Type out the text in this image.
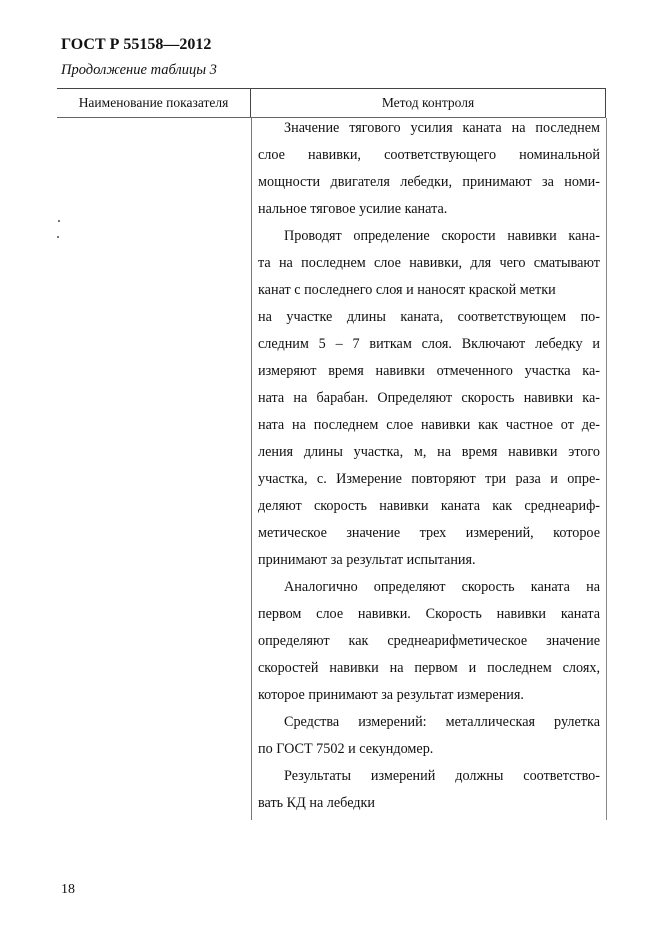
ГОСТ Р 55158—2012
Продолжение таблицы 3
Наименование показателя	Метод контроля
Значение тягового усилия каната на последнем
слое навивки, соответствующего номинальной
мощности двигателя лебедки, принимают за номи-
нальное тяговое усилие каната.
Проводят определение скорости навивки кана-
та на последнем слое навивки, для чего сматывают
канат с последнего слоя и наносят краской метки
на участке длины каната, соответствующем по-
следним 5 – 7 виткам слоя. Включают лебедку и
измеряют время навивки отмеченного участка ка-
ната на барабан. Определяют скорость навивки ка-
ната на последнем слое навивки как частное от де-
ления длины участка, м, на время навивки этого
участка, с. Измерение повторяют три раза и опре-
деляют скорость навивки каната как среднеариф-
метическое значение трех измерений, которое
принимают за результат испытания.
Аналогично определяют скорость каната на
первом слое навивки. Скорость навивки каната
определяют как среднеарифметическое значение
скоростей навивки на первом и последнем слоях,
которое принимают за результат измерения.
Средства измерений: металлическая рулетка
по ГОСТ 7502 и секундомер.
Результаты измерений должны соответство-
вать КД на лебедки
18
